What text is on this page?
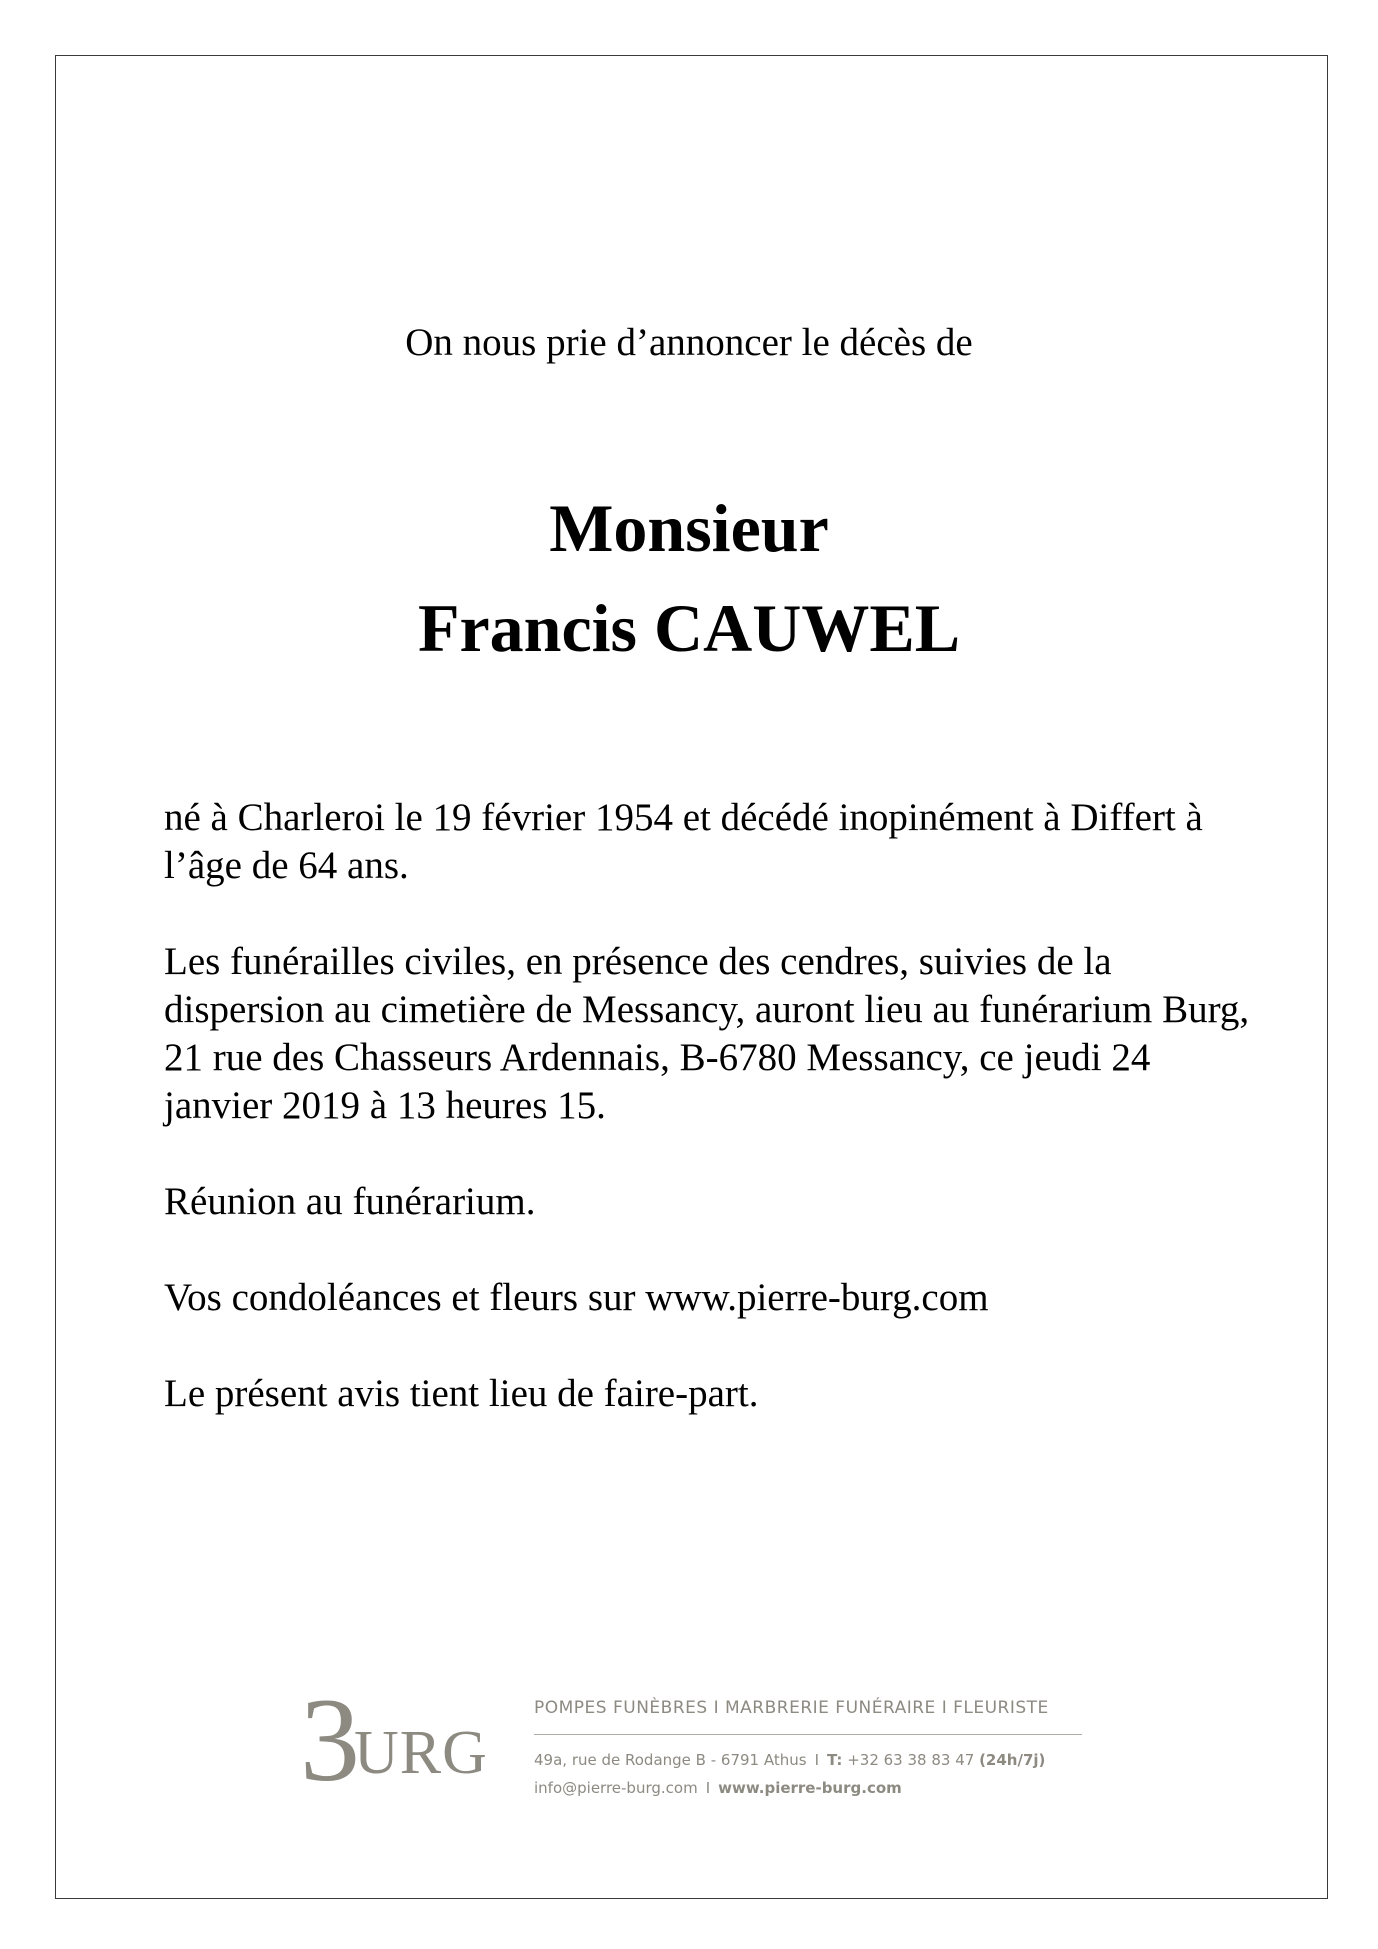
On nous prie d’annoncer le décès de
Monsieur
Francis CAUWEL

né à Charleroi le 19 février 1954 et décédé inopinément à Differt à l’âge de 64 ans.

Les funérailles civiles, en présence des cendres, suivies de la dispersion au cimetière de Messancy, auront lieu au funérarium Burg, 21 rue des Chasseurs Ardennais, B-6780 Messancy, ce jeudi 24 janvier 2019 à 13 heures 15.

Réunion au funérarium.

Vos condoléances et fleurs sur www.pierre-burg.com

Le présent avis tient lieu de faire-part.

3URG
POMPES FUNÈBRES I MARBRERIE FUNÉRAIRE I FLEURISTE
49a, rue de Rodange B - 6791 Athus I T: +32 63 38 83 47 (24h/7j)
info@pierre-burg.com I www.pierre-burg.com
